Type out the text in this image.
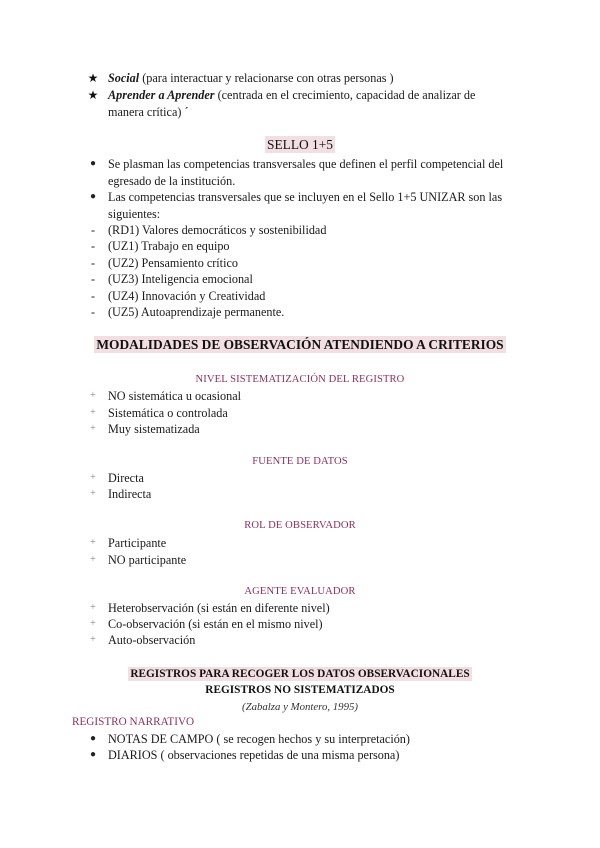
★ Social (para interactuar y relacionarse con otras personas )
★ Aprender a Aprender (centrada en el crecimiento, capacidad de analizar de
manera crítica) ´
SELLO 1+5
● Se plasman las competencias transversales que definen el perfil competencial del
egresado de la institución.
● Las competencias transversales que se incluyen en el Sello 1+5 UNIZAR son las
siguientes:
-	(RD1) Valores democráticos y sostenibilidad
-	(UZ1) Trabajo en equipo
-	(UZ2) Pensamiento crítico
-	(UZ3) Inteligencia emocional
-	(UZ4) Innovación y Creatividad
-	(UZ5) Autoaprendizaje permanente.
MODALIDADES DE OBSERVACIÓN ATENDIENDO A CRITERIOS
NIVEL SISTEMATIZACIÓN DEL REGISTRO
+ NO sistemática u ocasional
+ Sistemática o controlada
+ Muy sistematizada
FUENTE DE DATOS
+ Directa
+ Indirecta
ROL DE OBSERVADOR
+ Participante
+ NO participante
AGENTE EVALUADOR
+ Heterobservación (si están en diferente nivel)
+ Co-observación (si están en el mismo nivel)
+ Auto-observación
REGISTROS PARA RECOGER LOS DATOS OBSERVACIONALES
REGISTROS NO SISTEMATIZADOS
(Zabalza y Montero, 1995)
REGISTRO NARRATIVO
● NOTAS DE CAMPO ( se recogen hechos y su interpretación)
● DIARIOS ( observaciones repetidas de una misma persona)
